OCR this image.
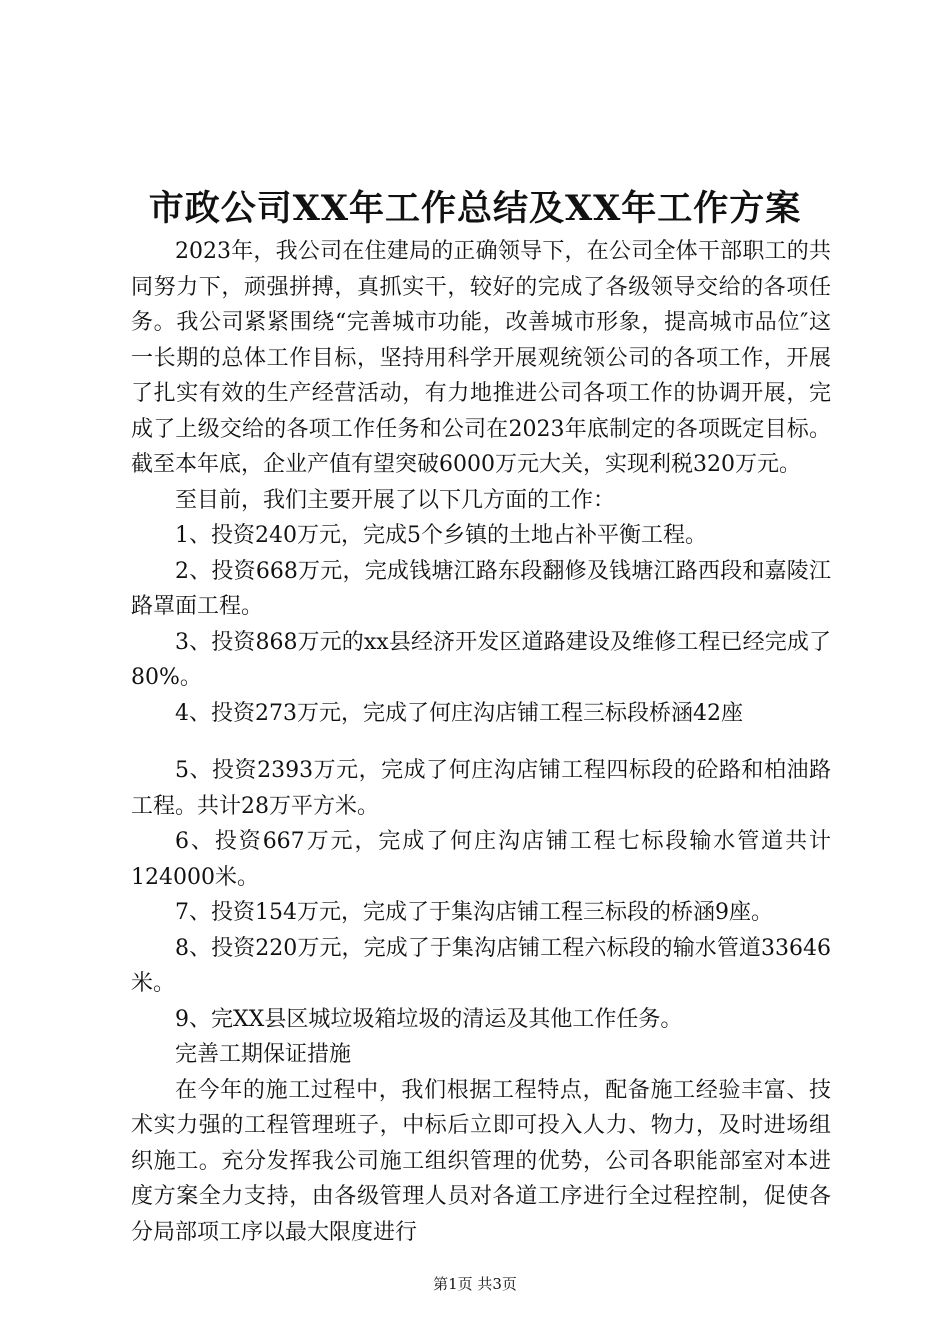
市政公司XX年工作总结及XX年工作方案

2023年，我公司在住建局的正确领导下，在公司全体干部职工的共同努力下，顽强拼搏，真抓实干，较好的完成了各级领导交给的各项任务。我公司紧紧围绕“完善城市功能，改善城市形象，提高城市品位″这一长期的总体工作目标，坚持用科学开展观统领公司的各项工作，开展了扎实有效的生产经营活动，有力地推进公司各项工作的协调开展，完成了上级交给的各项工作任务和公司在2023年底制定的各项既定目标。截至本年底，企业产值有望突破6000万元大关，实现利税320万元。

至目前，我们主要开展了以下几方面的工作：

1、投资240万元，完成5个乡镇的土地占补平衡工程。

2、投资668万元，完成钱塘江路东段翻修及钱塘江路西段和嘉陵江路罩面工程。

3、投资868万元的xx县经济开发区道路建设及维修工程已经完成了80%。

4、投资273万元，完成了何庄沟店铺工程三标段桥涵42座

5、投资2393万元，完成了何庄沟店铺工程四标段的砼路和柏油路工程。共计28万平方米。

6、投资667万元，完成了何庄沟店铺工程七标段输水管道共计124000米。

7、投资154万元，完成了于集沟店铺工程三标段的桥涵9座。

8、投资220万元，完成了于集沟店铺工程六标段的输水管道33646米。

9、完XX县区城垃圾箱垃圾的清运及其他工作任务。

完善工期保证措施

在今年的施工过程中，我们根据工程特点，配备施工经验丰富、技术实力强的工程管理班子，中标后立即可投入人力、物力，及时进场组织施工。充分发挥我公司施工组织管理的优势，公司各职能部室对本进度方案全力支持，由各级管理人员对各道工序进行全过程控制，促使各分局部项工序以最大限度进行

第1页 共3页
